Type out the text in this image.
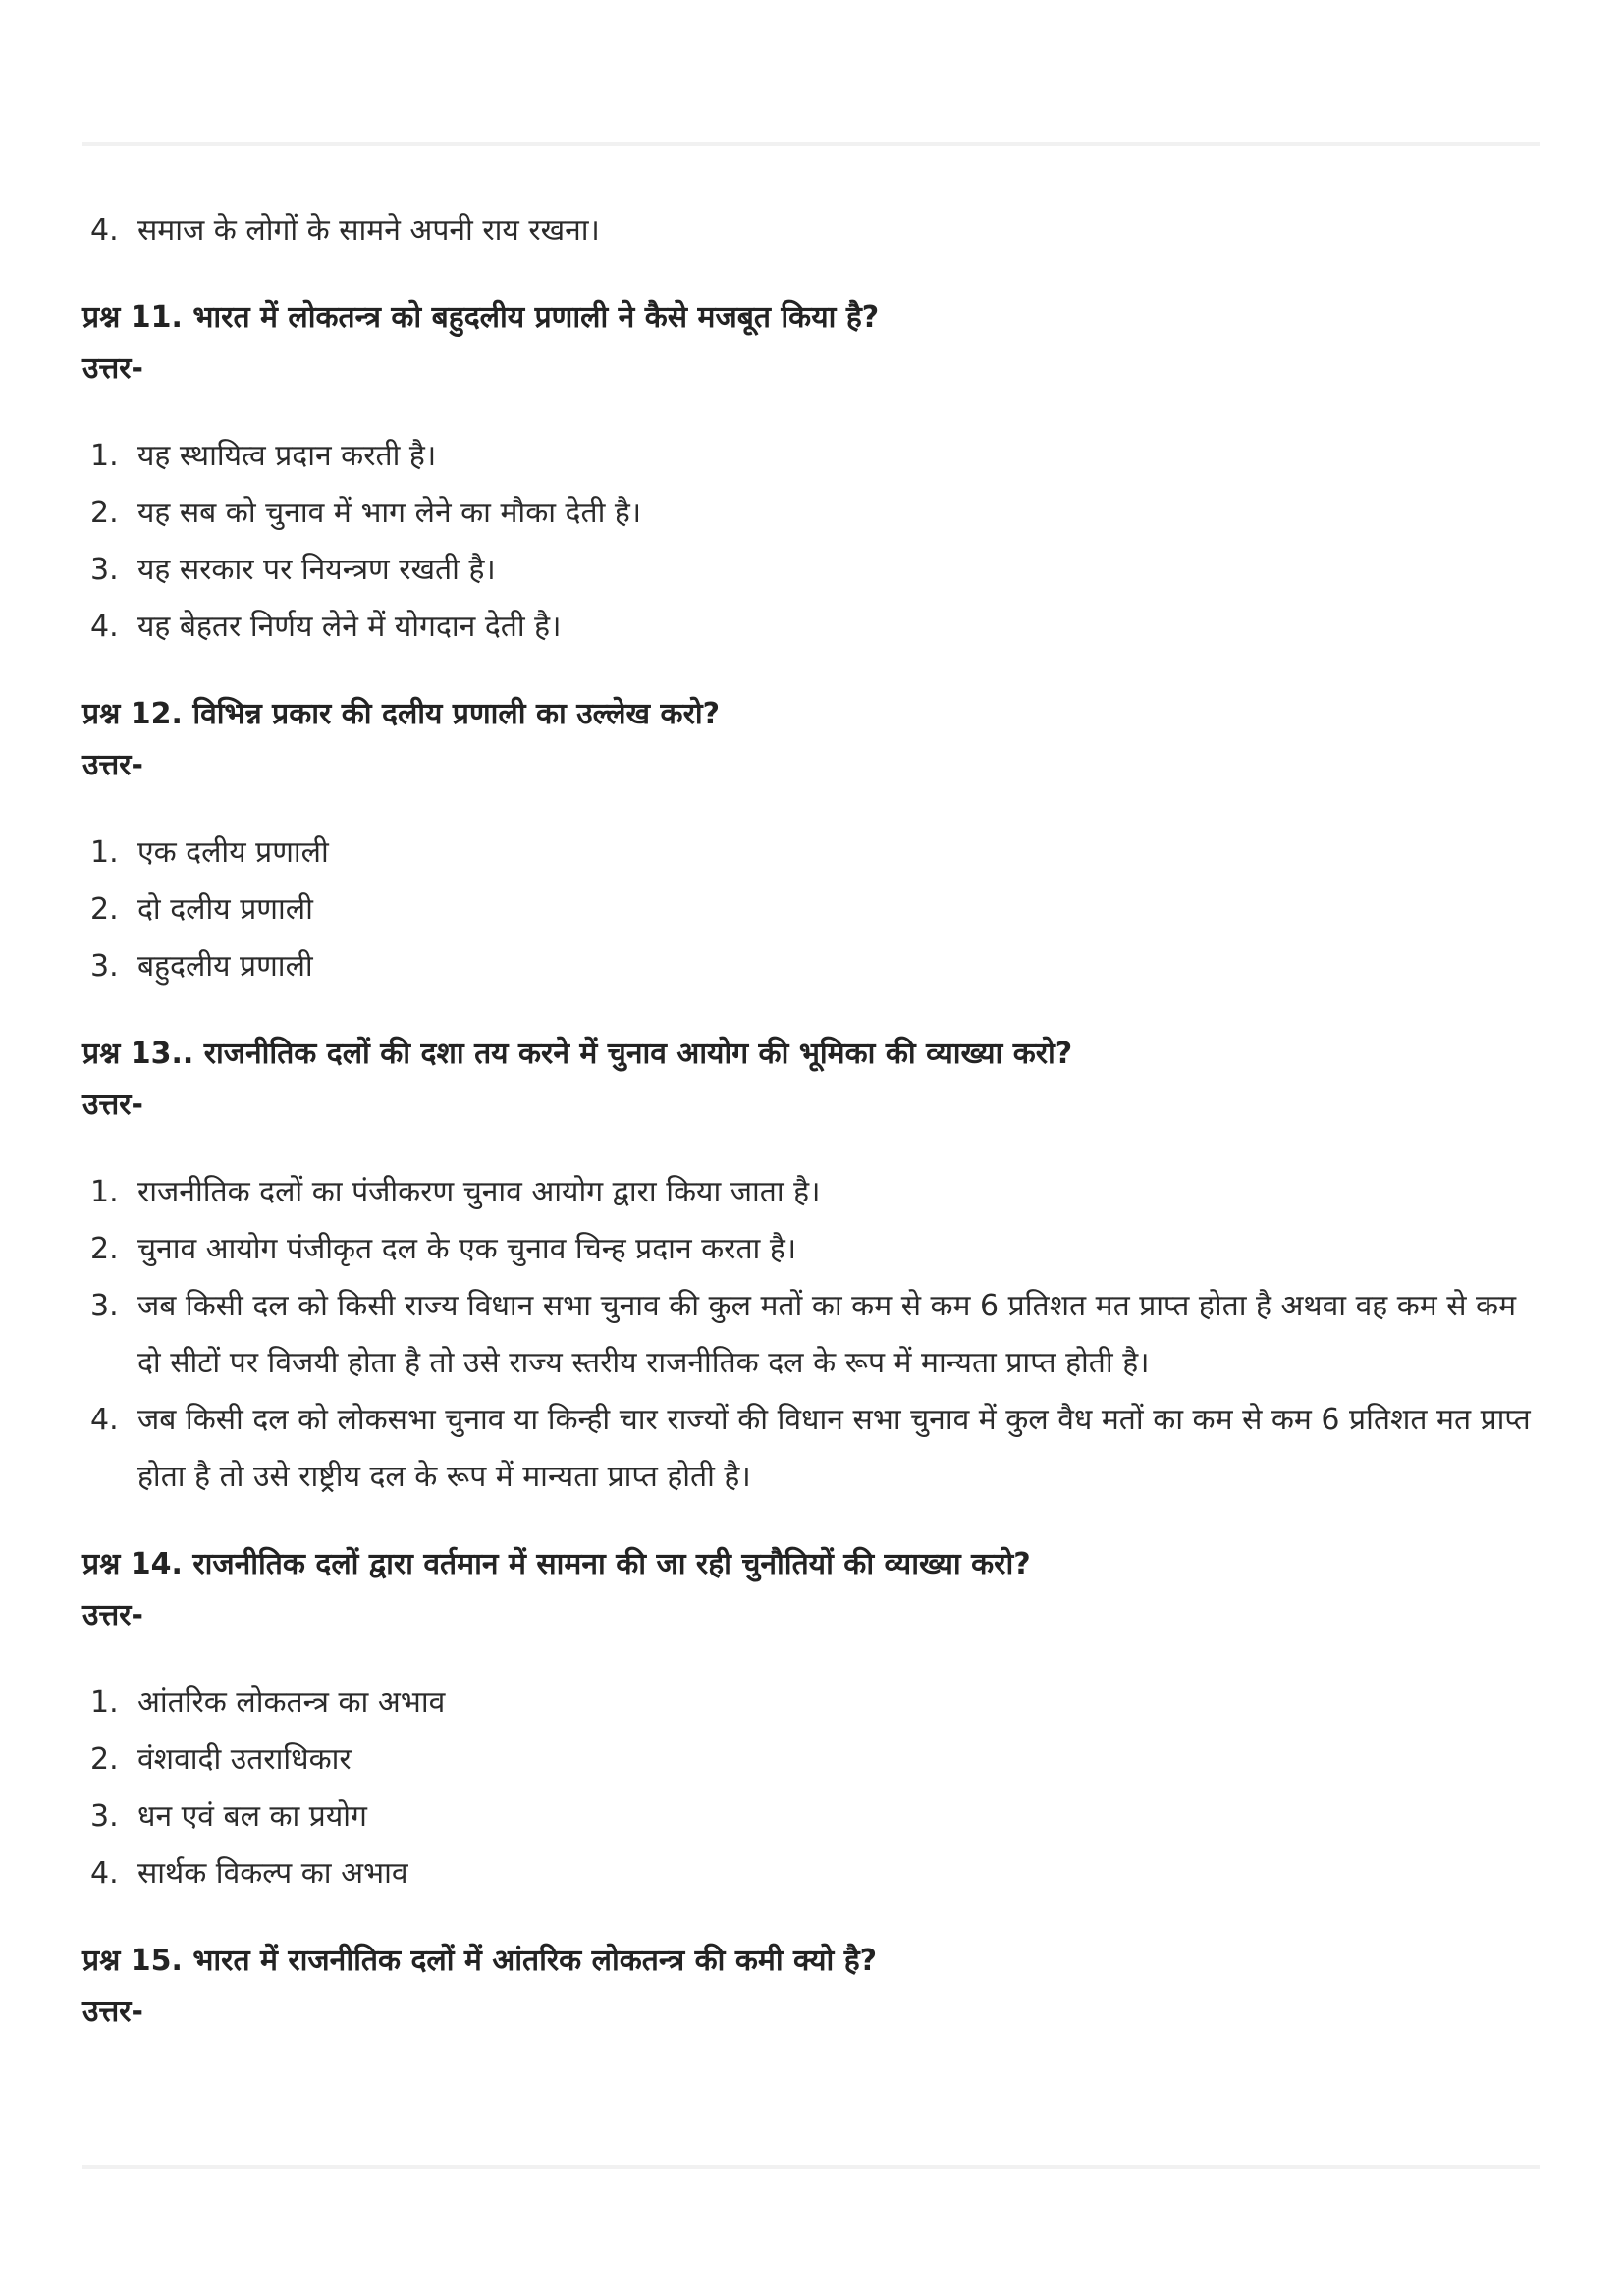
4. समाज के लोगों के सामने अपनी राय रखना।

प्रश्न 11. भारत में लोकतन्त्र को बहुदलीय प्रणाली ने कैसे मजबूत किया है?

उत्तर-

1. यह स्थायित्व प्रदान करती है।
2. यह सब को चुनाव में भाग लेने का मौका देती है।
3. यह सरकार पर नियन्त्रण रखती है।
4. यह बेहतर निर्णय लेने में योगदान देती है।

प्रश्न 12. विभिन्न प्रकार की दलीय प्रणाली का उल्लेख करो?

उत्तर-

1. एक दलीय प्रणाली
2. दो दलीय प्रणाली
3. बहुदलीय प्रणाली

प्रश्न 13.. राजनीतिक दलों की दशा तय करने में चुनाव आयोग की भूमिका की व्याख्या करो?

उत्तर-

1. राजनीतिक दलों का पंजीकरण चुनाव आयोग द्वारा किया जाता है।
2. चुनाव आयोग पंजीकृत दल के एक चुनाव चिन्ह प्रदान करता है।
3. जब किसी दल को किसी राज्य विधान सभा चुनाव की कुल मतों का कम से कम 6 प्रतिशत मत प्राप्त होता है अथवा वह कम से कम दो सीटों पर विजयी होता है तो उसे राज्य स्तरीय राजनीतिक दल के रूप में मान्यता प्राप्त होती है।
4. जब किसी दल को लोकसभा चुनाव या किन्ही चार राज्यों की विधान सभा चुनाव में कुल वैध मतों का कम से कम 6 प्रतिशत मत प्राप्त होता है तो उसे राष्ट्रीय दल के रूप में मान्यता प्राप्त होती है।

प्रश्न 14. राजनीतिक दलों द्वारा वर्तमान में सामना की जा रही चुनौतियों की व्याख्या करो?

उत्तर-

1. आंतरिक लोकतन्त्र का अभाव
2. वंशवादी उतराधिकार
3. धन एवं बल का प्रयोग
4. सार्थक विकल्प का अभाव

प्रश्न 15. भारत में राजनीतिक दलों में आंतरिक लोकतन्त्र की कमी क्यो है?

उत्तर-
